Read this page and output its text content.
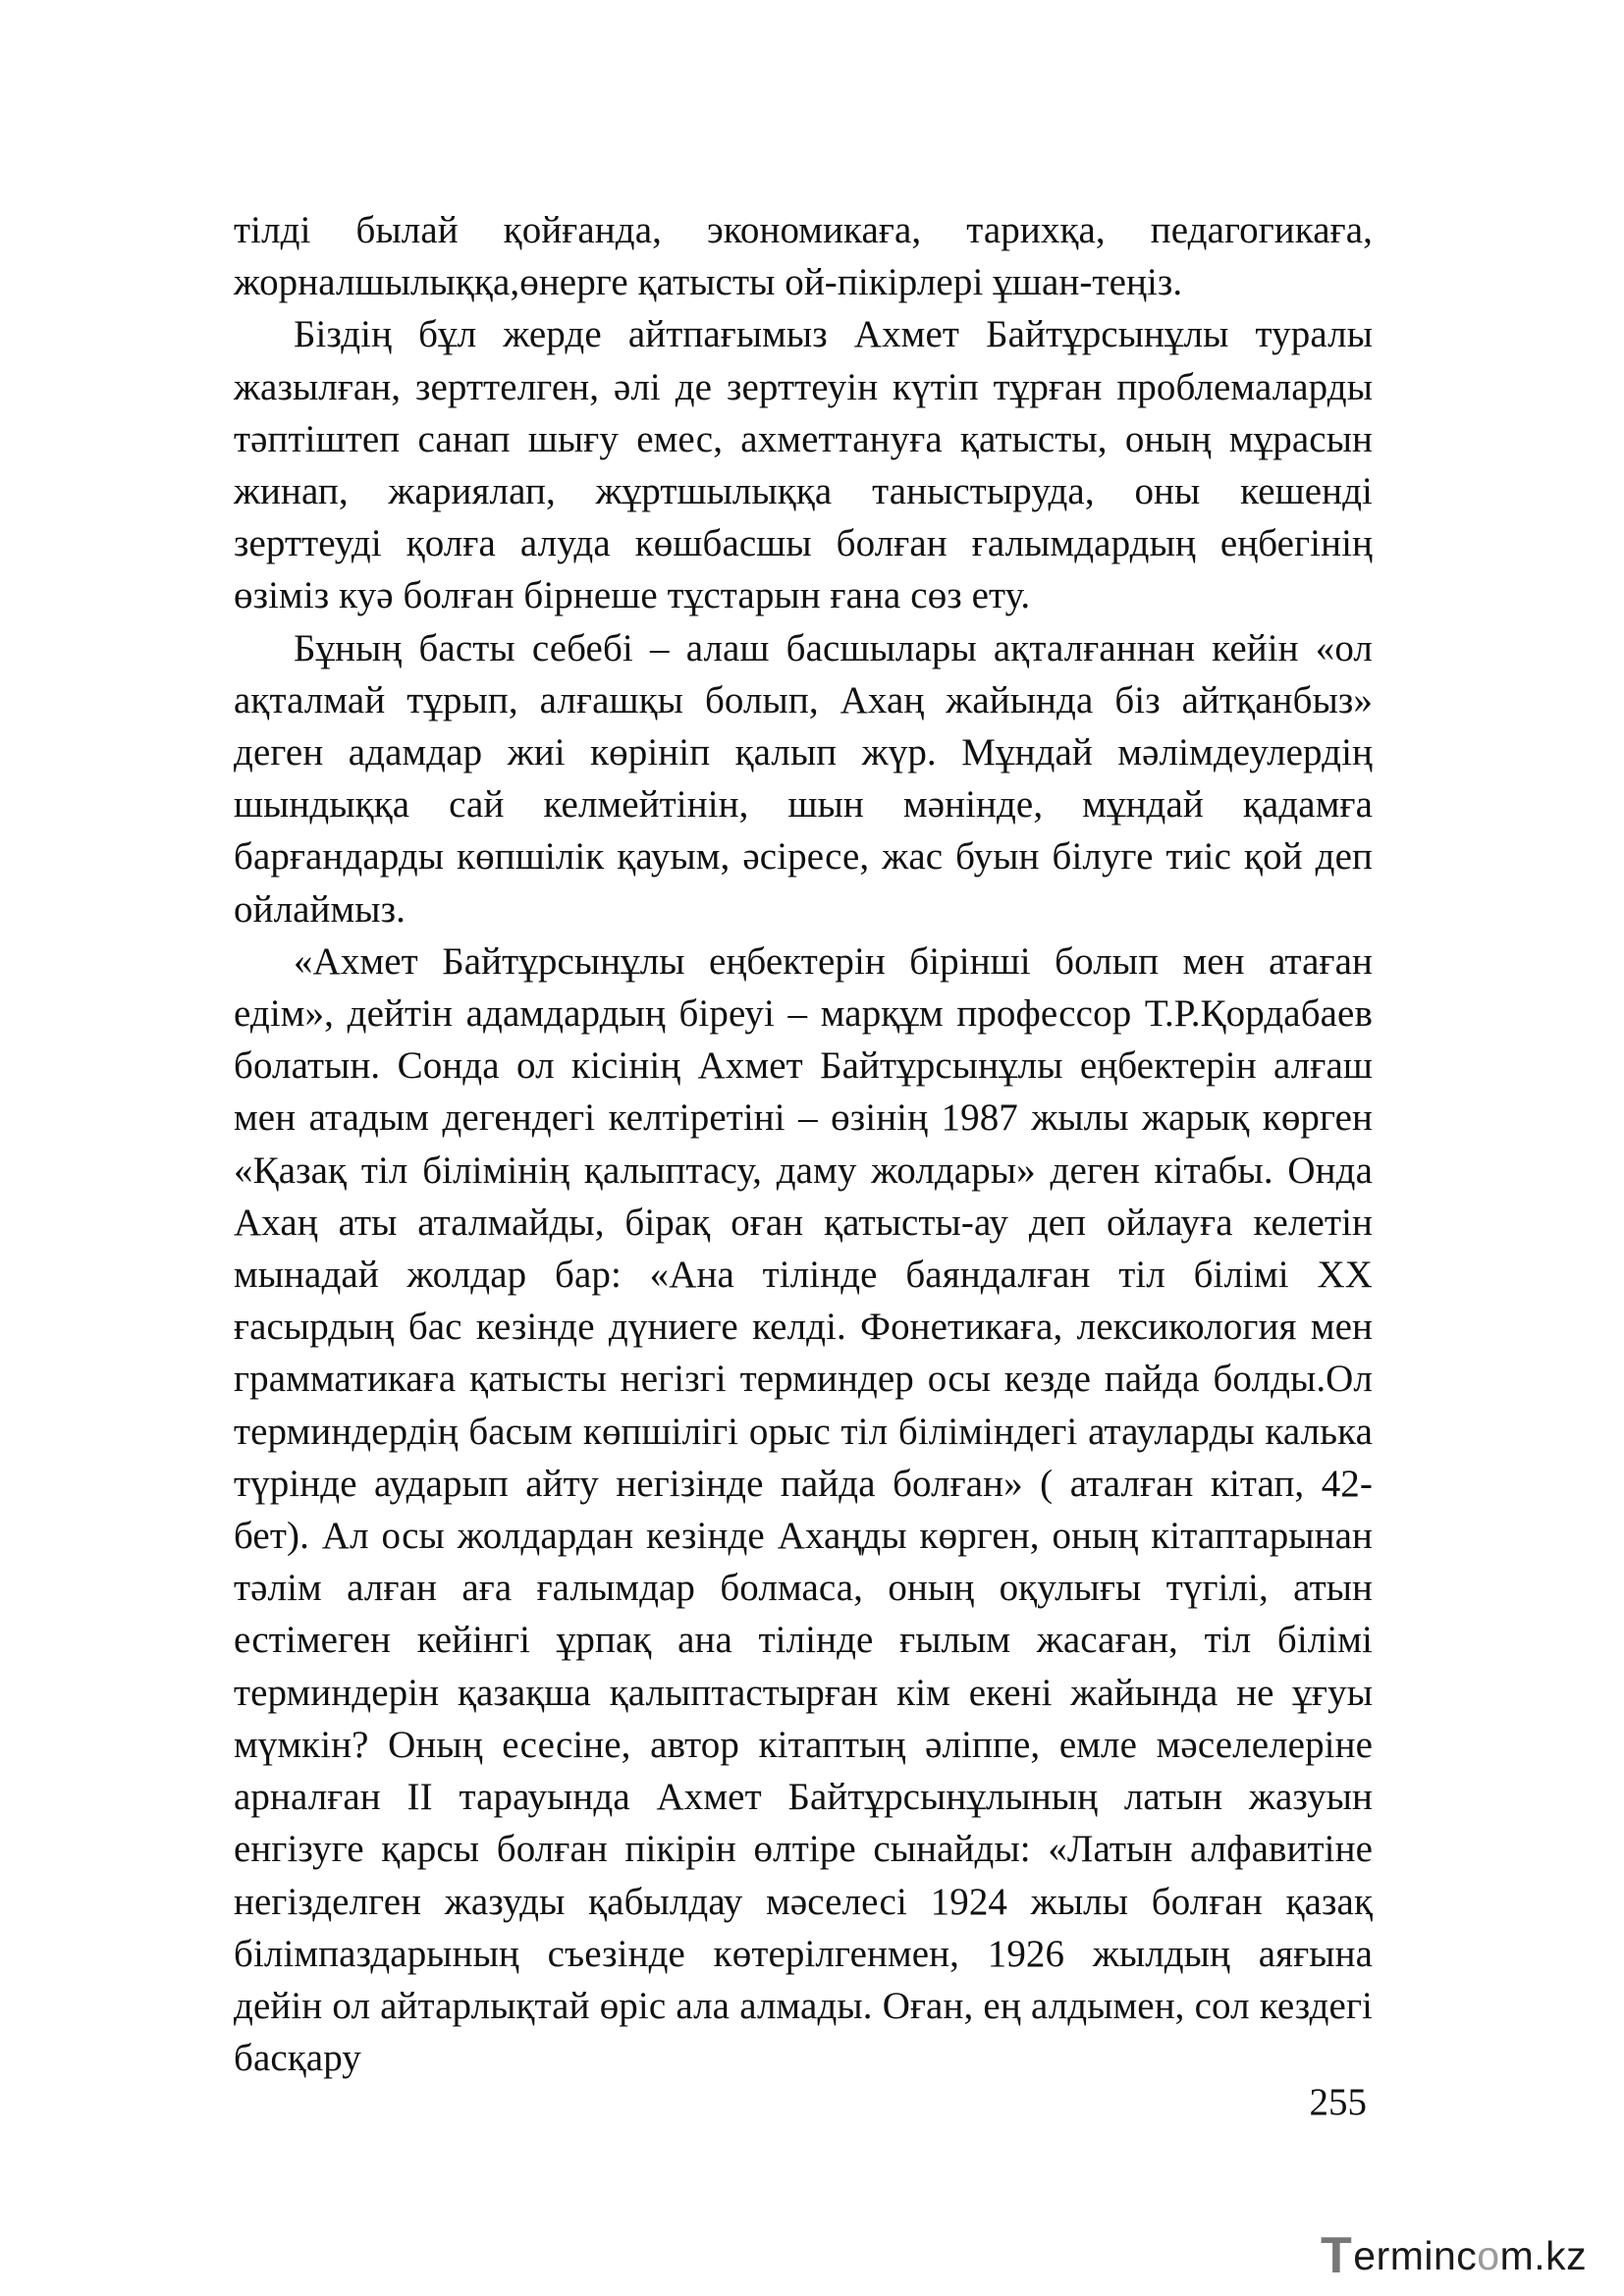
тілді былай қойғанда, экономикаға, тарихқа, педагогикаға, жорналшылыққа,өнерге қатысты ой-пікірлері ұшан-теңіз.

Біздің бұл жерде айтпағымыз Ахмет Байтұрсынұлы туралы жазылған, зерттелген, әлі де зерттеуін күтіп тұрған проблемаларды тәптіштеп санап шығу емес, ахметтануға қатысты, оның мұрасын жинап, жариялап, жұртшылыққа таныстыруда, оны кешенді зерттеуді қолға алуда көшбасшы болған ғалымдардың еңбегінің өзіміз куә болған бірнеше тұстарын ғана сөз ету.

Бұның басты себебі – алаш басшылары ақталғаннан кейін «ол ақталмай тұрып, алғашқы болып, Ахаң жайында біз айтқанбыз» деген адамдар жиі көрініп қалып жүр. Мұндай мәлімдеулердің шындыққа сай келмейтінін, шын мәнінде, мұндай қадамға барғандарды көпшілік қауым, әсіресе, жас буын білуге тиіс қой деп ойлаймыз.

«Ахмет Байтұрсынұлы еңбектерін бірінші болып мен атаған едім», дейтін адамдардың біреуі – марқұм профессор Т.Р.Қордабаев болатын. Сонда ол кісінің Ахмет Байтұрсынұлы еңбектерін алғаш мен атадым дегендегі келтіретіні – өзінің 1987 жылы жарық көрген «Қазақ тіл білімінің қалыптасу, даму жолдары» деген кітабы. Онда Ахаң аты аталмайды, бірақ оған қатысты-ау деп ойлауға келетін мынадай жолдар бар: «Ана тілінде баяндалған тіл білімі ХХ ғасырдың бас кезінде дүниеге келді. Фонетикаға, лексикология мен грамматикаға қатысты негізгі терминдер осы кезде пайда болды.Ол терминдердің басым көпшілігі орыс тіл біліміндегі атауларды калька түрінде аударып айту негізінде пайда болған» ( аталған кітап, 42-бет). Ал осы жолдардан кезінде Ахаңды көрген, оның кітаптарынан тәлім алған аға ғалымдар болмаса, оның оқулығы түгілі, атын естімеген кейінгі ұрпақ ана тілінде ғылым жасаған, тіл білімі терминдерін қазақша қалыптастырған кім екені жайында не ұғуы мүмкін? Оның есесіне, автор кітаптың әліппе, емле мәселелеріне арналған ІІ тарауында Ахмет Байтұрсынұлының латын жазуын енгізуге қарсы болған пікірін өлтіре сынайды: «Латын алфавитіне негізделген жазуды қабылдау мәселесі 1924 жылы болған қазақ білімпаздарының съезінде көтерілгенмен, 1926 жылдың аяғына дейін ол айтарлықтай өріс ала алмады. Оған, ең алдымен, сол кездегі басқару

255
Termincom.kz
